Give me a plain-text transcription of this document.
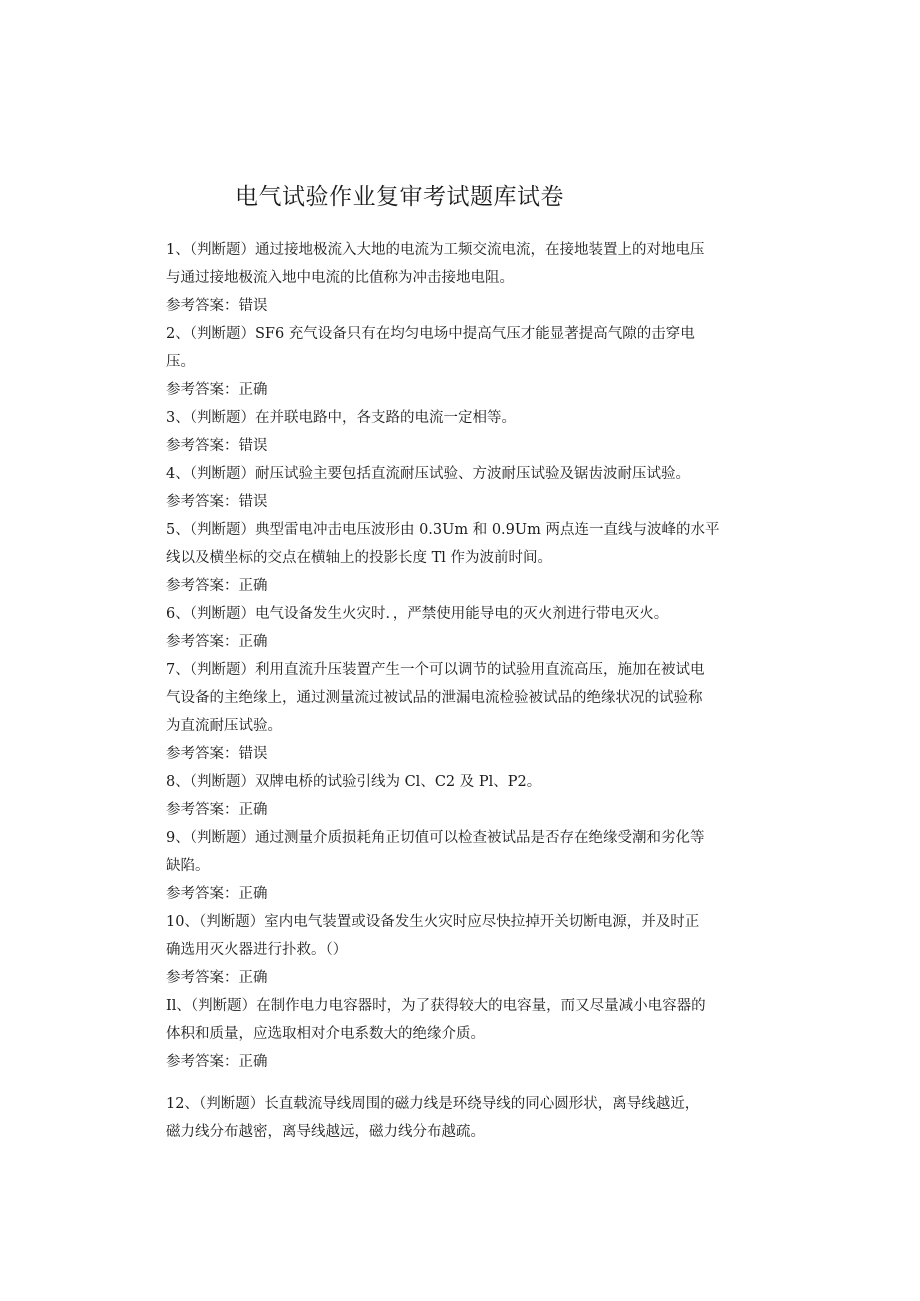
电气试验作业复审考试题库试卷
1、（判断题）通过接地极流入大地的电流为工频交流电流，在接地装置上的对地电压
与通过接地极流入地中电流的比值称为冲击接地电阻。
参考答案：错误
2、（判断题）SF6 充气设备只有在均匀电场中提高气压才能显著提高气隙的击穿电
压。
参考答案：正确
3、（判断题）在并联电路中，各支路的电流一定相等。
参考答案：错误
4、（判断题）耐压试验主要包括直流耐压试验、方波耐压试验及锯齿波耐压试验。
参考答案：错误
5、（判断题）典型雷电冲击电压波形由 0.3Um 和 0.9Um 两点连一直线与波峰的水平
线以及横坐标的交点在横轴上的投影长度 Tl 作为波前时间。
参考答案：正确
6、（判断题）电气设备发生火灾时．，严禁使用能导电的灭火剂进行带电灭火。
参考答案：正确
7、（判断题）利用直流升压装置产生一个可以调节的试验用直流高压，施加在被试电
气设备的主绝缘上，通过测量流过被试品的泄漏电流检验被试品的绝缘状况的试验称
为直流耐压试验。
参考答案：错误
8、（判断题）双牌电桥的试验引线为 Cl、C2 及 Pl、P2。
参考答案：正确
9、（判断题）通过测量介质损耗角正切值可以检查被试品是否存在绝缘受潮和劣化等
缺陷。
参考答案：正确
10、（判断题）室内电气装置或设备发生火灾时应尽快拉掉开关切断电源，并及时正
确选用灭火器进行扑救。（）
参考答案：正确
Il、（判断题）在制作电力电容器时，为了获得较大的电容量，而又尽量减小电容器的
体积和质量，应选取相对介电系数大的绝缘介质。
参考答案：正确
12、（判断题）长直载流导线周围的磁力线是环绕导线的同心圆形状，离导线越近，
磁力线分布越密，离导线越远，磁力线分布越疏。
